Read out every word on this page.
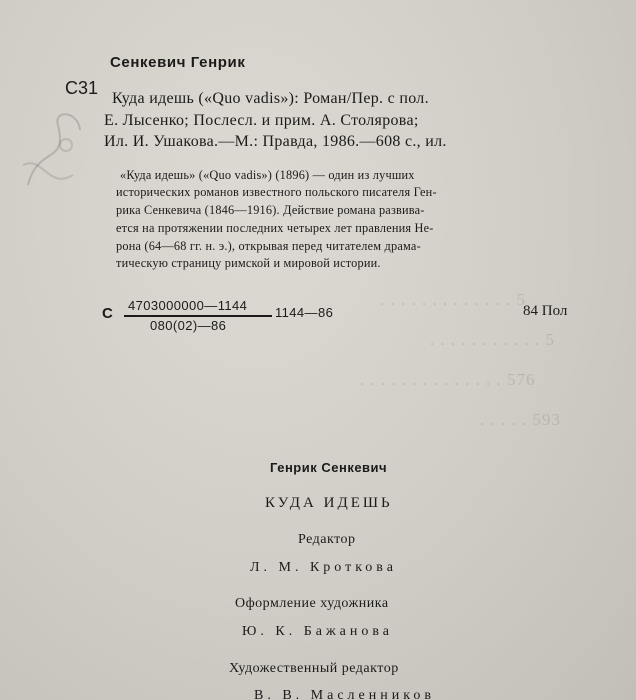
. . . . . . . . . . . . . 5
. . . . . . . . . . . 5
. . . . . . . . . . . . . . 576
. . . . . 593
Сенкевич Генрик
С31
Куда идешь («Quo vadis»): Роман/Пер. с пол.
Е. Лысенко; Послесл. и прим. А. Столярова;
Ил. И. Ушакова.—М.: Правда, 1986.—608 с., ил.
«Куда идешь» («Quo vadis») (1896) — один из лучших
исторических романов известного польского писателя Ген-
рика Сенкевича (1846—1916). Действие романа развива-
ется на протяжении последних четырех лет правления Не-
рона (64—68 гг. н. э.), открывая перед читателем драма-
тическую страницу римской и мировой истории.
С 4703000000—1144
080(02)—86
1144—86	84 Пол
Генрик Сенкевич
КУДА ИДЕШЬ
Редактор
Л. М. Кроткова
Оформление художника
Ю. К. Бажанова
Художественный редактор
В. В. Масленников
